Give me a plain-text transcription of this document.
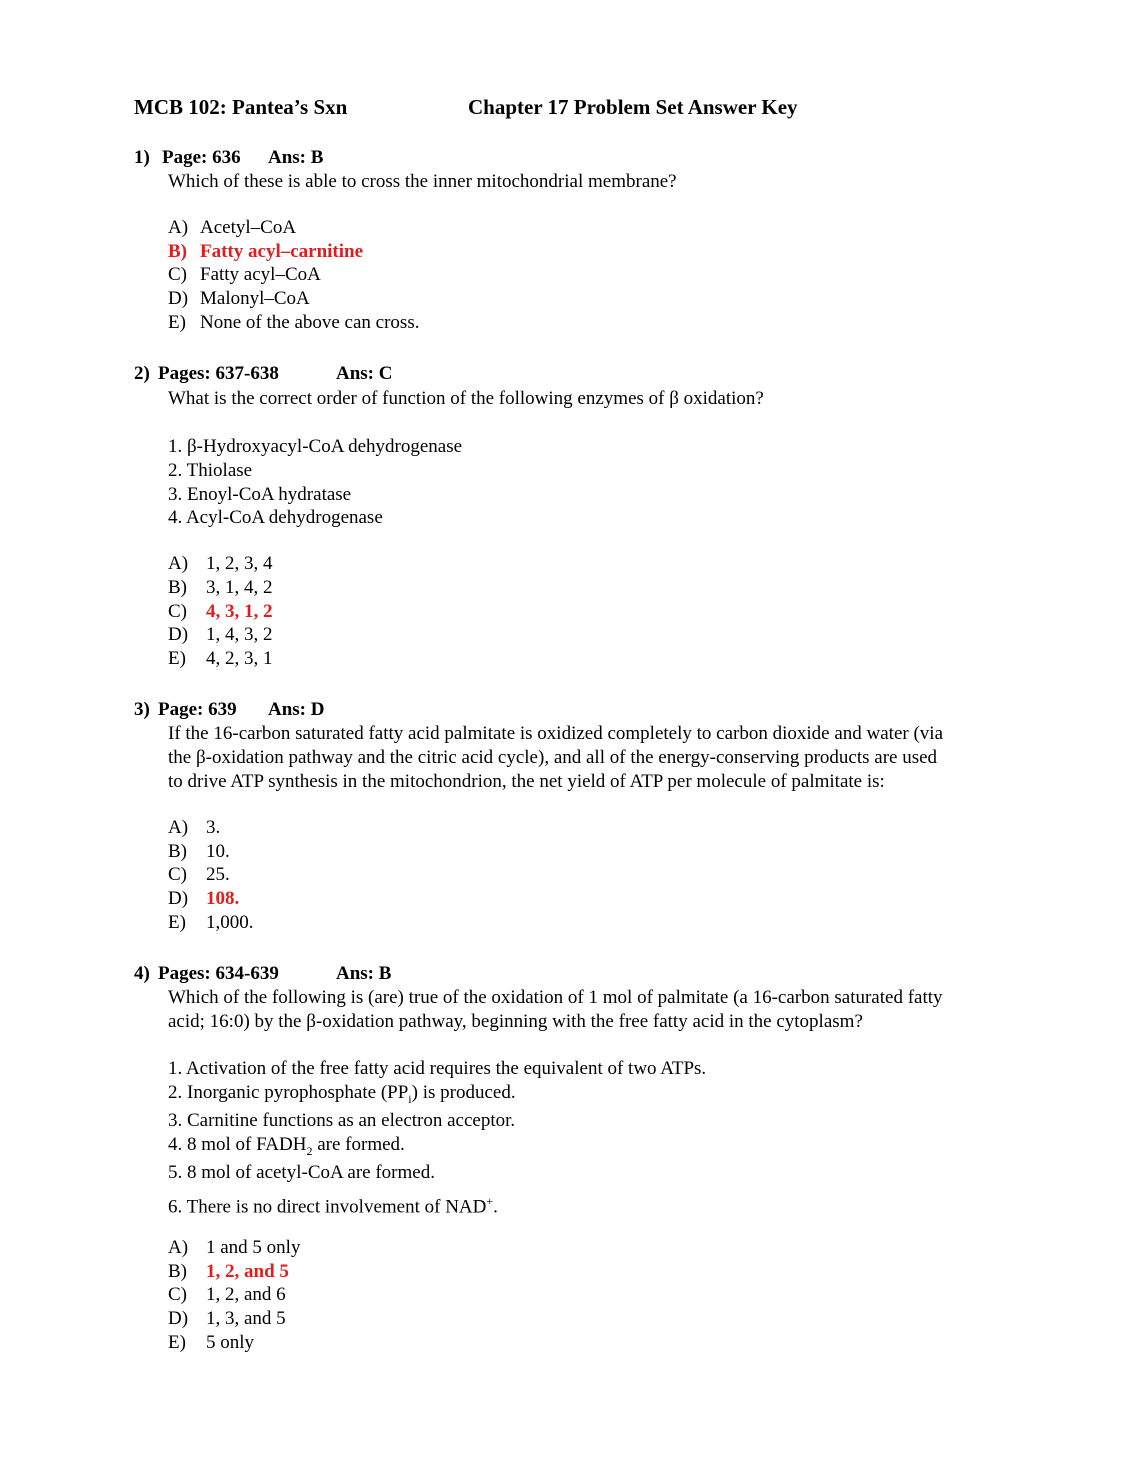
MCB 102: Pantea’s Sxn	Chapter 17 Problem Set Answer Key
1) Page: 636 Ans: B
Which of these is able to cross the inner mitochondrial membrane?
A) Acetyl–CoA
B) Fatty acyl–carnitine
C) Fatty acyl–CoA
D) Malonyl–CoA
E) None of the above can cross.
2) Pages: 637-638	Ans: C
What is the correct order of function of the following enzymes of β oxidation?
1. β-Hydroxyacyl-CoA dehydrogenase
2. Thiolase
3. Enoyl-CoA hydratase
4. Acyl-CoA dehydrogenase
A) 1, 2, 3, 4
B) 3, 1, 4, 2
C) 4, 3, 1, 2
D) 1, 4, 3, 2
E) 4, 2, 3, 1
3) Page: 639 Ans: D
If the 16-carbon saturated fatty acid palmitate is oxidized completely to carbon dioxide and water (via
the β-oxidation pathway and the citric acid cycle), and all of the energy-conserving products are used
to drive ATP synthesis in the mitochondrion, the net yield of ATP per molecule of palmitate is:
A) 3.
B) 10.
C) 25.
D) 108.
E) 1,000.
4) Pages: 634-639	Ans: B
Which of the following is (are) true of the oxidation of 1 mol of palmitate (a 16-carbon saturated fatty
acid; 16:0) by the β-oxidation pathway, beginning with the free fatty acid in the cytoplasm?
1. Activation of the free fatty acid requires the equivalent of two ATPs.
2. Inorganic pyrophosphate $(PP_i)$ is produced.
3. Carnitine functions as an electron acceptor.
4. 8 mol of $FADH_2$ are formed.
5. 8 mol of acetyl-CoA are formed.
6. There is no direct involvement of NAD+.
A) 1 and 5 only
B) 1, 2, and 5
C) 1, 2, and 6
D) 1, 3, and 5
E) 5 only
